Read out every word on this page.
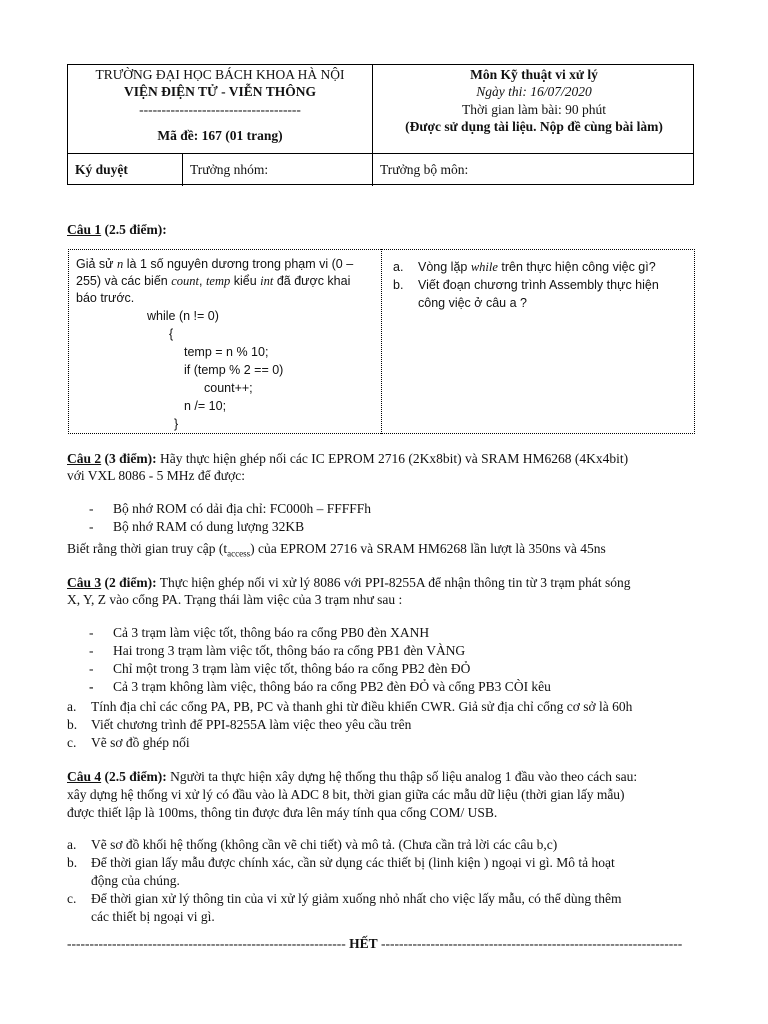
TRƯỜNG ĐẠI HỌC BÁCH KHOA HÀ NỘI
VIỆN ĐIỆN TỬ - VIỄN THÔNG
------------------------------------
Mã đề: 167 (01 trang)
Môn Kỹ thuật vi xử lý
Ngày thi: 16/07/2020
Thời gian làm bài: 90 phút
(Được sử dụng tài liệu. Nộp đề cùng bài làm)
Ký duyệt	Trưởng nhóm:	Trưởng bộ môn:
Câu 1 (2.5 điểm):
Giả sử n là 1 số nguyên dương trong phạm vi (0 –
255) và các biến count, temp kiểu int đã được khai
báo trước.
while (n != 0)
{
temp = n % 10;
if (temp % 2 == 0)
count++;
n /= 10;
}
a. Vòng lặp while trên thực hiện công việc gì?
b. Viết đoạn chương trình Assembly thực hiện
công việc ở câu a ?
Câu 2 (3 điểm): Hãy thực hiện ghép nối các IC EPROM 2716 (2Kx8bit) và SRAM HM6268 (4Kx4bit)
với VXL 8086 - 5 MHz để được:
- Bộ nhớ ROM có dải địa chỉ: FC000h – FFFFFh
- Bộ nhớ RAM có dung lượng 32KB
Biết rằng thời gian truy cập $(t_{access})$ của EPROM 2716 và SRAM HM6268 lần lượt là 350ns và 45ns
Câu 3 (2 điểm): Thực hiện ghép nối vi xử lý 8086 với PPI-8255A để nhận thông tin từ 3 trạm phát sóng
X, Y, Z vào cổng PA. Trạng thái làm việc của 3 trạm như sau :
- Cả 3 trạm làm việc tốt, thông báo ra cổng PB0 đèn XANH
- Hai trong 3 trạm làm việc tốt, thông báo ra cổng PB1 đèn VÀNG
- Chỉ một trong 3 trạm làm việc tốt, thông báo ra cổng PB2 đèn ĐỎ
- Cả 3 trạm không làm việc, thông báo ra cổng PB2 đèn ĐỎ và cổng PB3 CÒI kêu
a. Tính địa chỉ các cổng PA, PB, PC và thanh ghi từ điều khiển CWR. Giả sử địa chỉ cổng cơ sở là 60h
b. Viết chương trình để PPI-8255A làm việc theo yêu cầu trên
c. Vẽ sơ đồ ghép nối
Câu 4 (2.5 điểm): Người ta thực hiện xây dựng hệ thống thu thập số liệu analog 1 đầu vào theo cách sau:
xây dựng hệ thống vi xử lý có đầu vào là ADC 8 bit, thời gian giữa các mẫu dữ liệu (thời gian lấy mẫu)
được thiết lập là 100ms, thông tin được đưa lên máy tính qua cổng COM/ USB.
a. Vẽ sơ đồ khối hệ thống (không cần vẽ chi tiết) và mô tả. (Chưa cần trả lời các câu b,c)
b. Để thời gian lấy mẫu được chính xác, cần sử dụng các thiết bị (linh kiện ) ngoại vi gì. Mô tả hoạt
động của chúng.
c. Để thời gian xử lý thông tin của vi xử lý giảm xuống nhỏ nhất cho việc lấy mẫu, có thể dùng thêm
các thiết bị ngoại vi gì.
-------------------------------------------------------------- HẾT -------------------------------------------------------------------
